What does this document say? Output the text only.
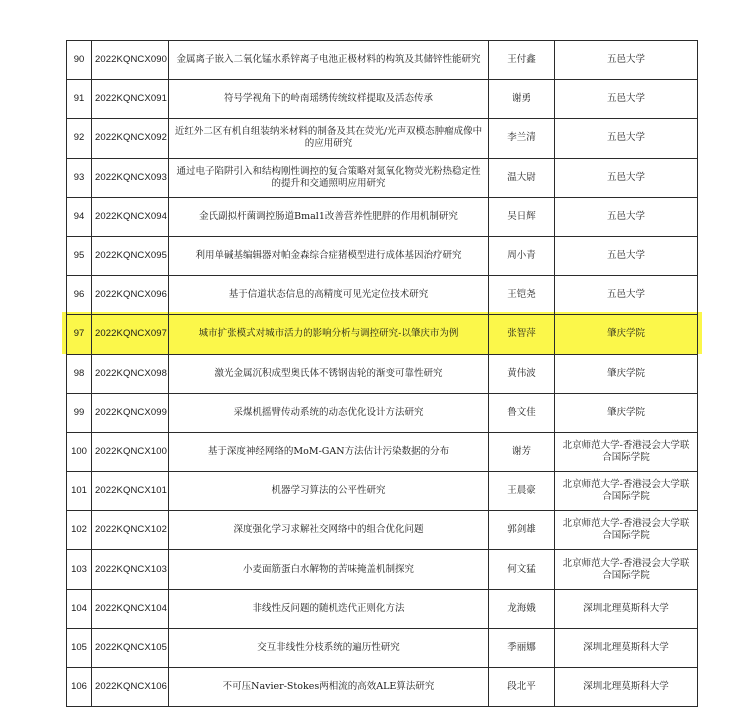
90	2022KQNCX090	金属离子嵌入二氧化锰水系锌离子电池正极材料的构筑及其储锌性能研究	王付鑫	五邑大学
91	2022KQNCX091	符号学视角下的岭南瑶绣传统纹样提取及活态传承	谢勇	五邑大学
92	2022KQNCX092	近红外二区有机自组装纳米材料的制备及其在荧光/光声双模态肿瘤成像中的应用研究	李兰清	五邑大学
93	2022KQNCX093	通过电子陷阱引入和结构刚性调控的复合策略对氮氧化物荧光粉热稳定性的提升和交通照明应用研究	温大尉	五邑大学
94	2022KQNCX094	金氏副拟杆菌调控肠道Bmal1改善营养性肥胖的作用机制研究	吴日辉	五邑大学
95	2022KQNCX095	利用单碱基编辑器对帕金森综合症猪模型进行成体基因治疗研究	周小青	五邑大学
96	2022KQNCX096	基于信道状态信息的高精度可见光定位技术研究	王铠尧	五邑大学
97	2022KQNCX097	城市扩张模式对城市活力的影响分析与调控研究-以肇庆市为例	张智萍	肇庆学院
98	2022KQNCX098	激光金属沉积成型奥氏体不锈钢齿轮的渐变可靠性研究	黄伟波	肇庆学院
99	2022KQNCX099	采煤机摇臂传动系统的动态优化设计方法研究	鲁文佳	肇庆学院
100	2022KQNCX100	基于深度神经网络的MoM-GAN方法估计污染数据的分布	谢芳	北京师范大学-香港浸会大学联合国际学院
101	2022KQNCX101	机器学习算法的公平性研究	王晨豪	北京师范大学-香港浸会大学联合国际学院
102	2022KQNCX102	深度强化学习求解社交网络中的组合优化问题	郭剑雄	北京师范大学-香港浸会大学联合国际学院
103	2022KQNCX103	小麦面筋蛋白水解物的苦味掩盖机制探究	何文猛	北京师范大学-香港浸会大学联合国际学院
104	2022KQNCX104	非线性反问题的随机迭代正则化方法	龙海娥	深圳北理莫斯科大学
105	2022KQNCX105	交互非线性分枝系统的遍历性研究	季丽娜	深圳北理莫斯科大学
106	2022KQNCX106	不可压Navier-Stokes两相流的高效ALE算法研究	段北平	深圳北理莫斯科大学
